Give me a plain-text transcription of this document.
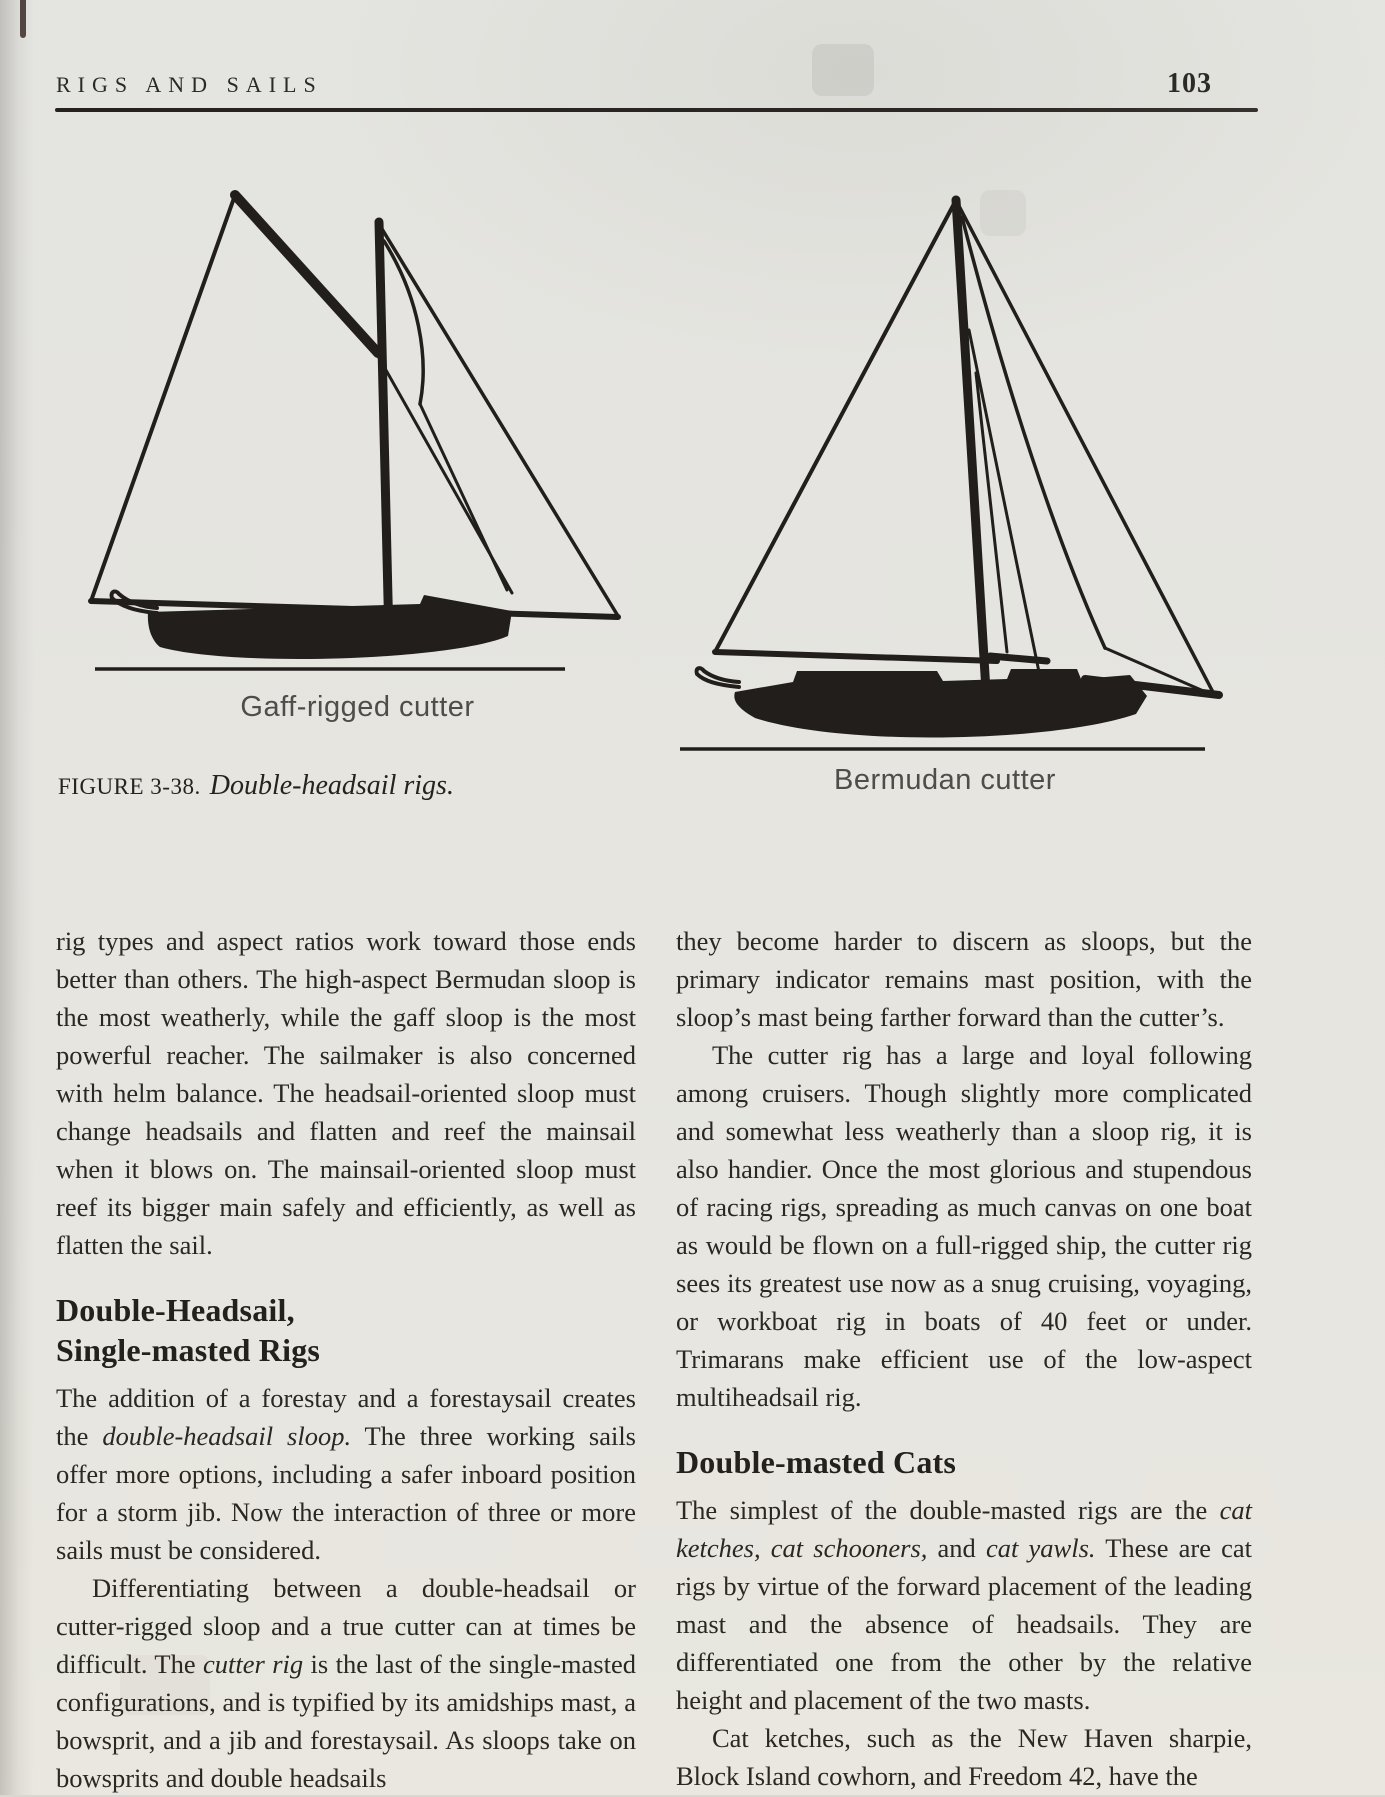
RIGS AND SAILS	103
Gaff-rigged cutter
Bermudan cutter
FIGURE 3-38. Double-headsail rigs.

rig types and aspect ratios work toward those ends better than others. The high-aspect Bermudan sloop is the most weatherly, while the gaff sloop is the most powerful reacher. The sailmaker is also concerned with helm balance. The headsail-oriented sloop must change headsails and flatten and reef the mainsail when it blows on. The mainsail-oriented sloop must reef its bigger main safely and efficiently, as well as flatten the sail.

Double-Headsail,
Single-masted Rigs

The addition of a forestay and a forestaysail creates the double-headsail sloop. The three working sails offer more options, including a safer inboard position for a storm jib. Now the interaction of three or more sails must be considered.

Differentiating between a double-headsail or cutter-rigged sloop and a true cutter can at times be difficult. The cutter rig is the last of the single-masted configurations, and is typified by its amidships mast, a bowsprit, and a jib and forestaysail. As sloops take on bowsprits and double headsails

they become harder to discern as sloops, but the primary indicator remains mast position, with the sloop’s mast being farther forward than the cutter’s.

The cutter rig has a large and loyal following among cruisers. Though slightly more complicated and somewhat less weatherly than a sloop rig, it is also handier. Once the most glorious and stupendous of racing rigs, spreading as much canvas on one boat as would be flown on a full-rigged ship, the cutter rig sees its greatest use now as a snug cruising, voyaging, or workboat rig in boats of 40 feet or under. Trimarans make efficient use of the low-aspect multiheadsail rig.

Double-masted Cats

The simplest of the double-masted rigs are the cat ketches, cat schooners, and cat yawls. These are cat rigs by virtue of the forward placement of the leading mast and the absence of headsails. They are differentiated one from the other by the relative height and placement of the two masts.

Cat ketches, such as the New Haven sharpie, Block Island cowhorn, and Freedom 42, have the
